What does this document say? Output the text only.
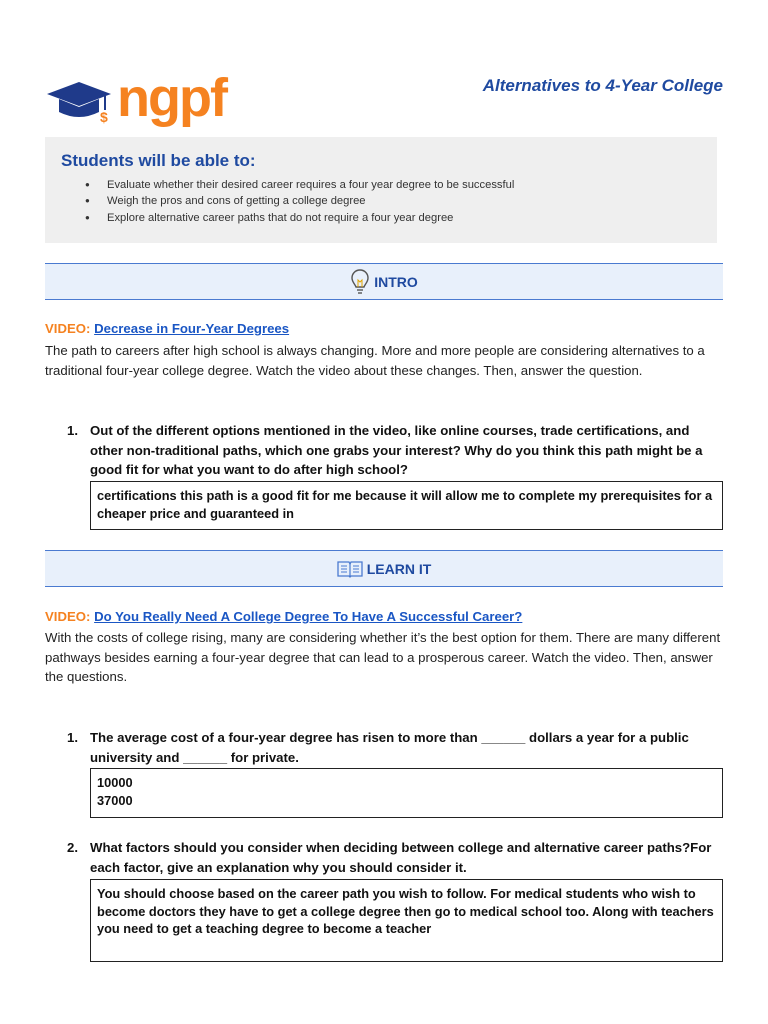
$ ngpf	Alternatives to 4-Year College
Students will be able to:
● Evaluate whether their desired career requires a four year degree to be successful
● Weigh the pros and cons of getting a college degree
● Explore alternative career paths that do not require a four year degree
INTRO
VIDEO: Decrease in Four-Year Degrees

The path to careers after high school is always changing. More and more people are considering alternatives to a traditional four-year college degree. Watch the video about these changes. Then, answer the question.

1. Out of the different options mentioned in the video, like online courses, trade certifications, and other non-traditional paths, which one grabs your interest? Why do you think this path might be a good fit for what you want to do after high school?
certifications this path is a good fit for me because it will allow me to complete my prerequisites for a cheaper price and guaranteed in
LEARN IT
VIDEO: Do You Really Need A College Degree To Have A Successful Career?

With the costs of college rising, many are considering whether it’s the best option for them. There are many different pathways besides earning a four-year degree that can lead to a prosperous career. Watch the video. Then, answer the questions.

1. The average cost of a four-year degree has risen to more than ______ dollars a year for a public university and ______ for private.
10000
37000
2. What factors should you consider when deciding between college and alternative career paths?For each factor, give an explanation why you should consider it.
You should choose based on the career path you wish to follow. For medical students who wish to become doctors they have to get a college degree then go to medical school too. Along with teachers you need to get a teaching degree to become a teacher
